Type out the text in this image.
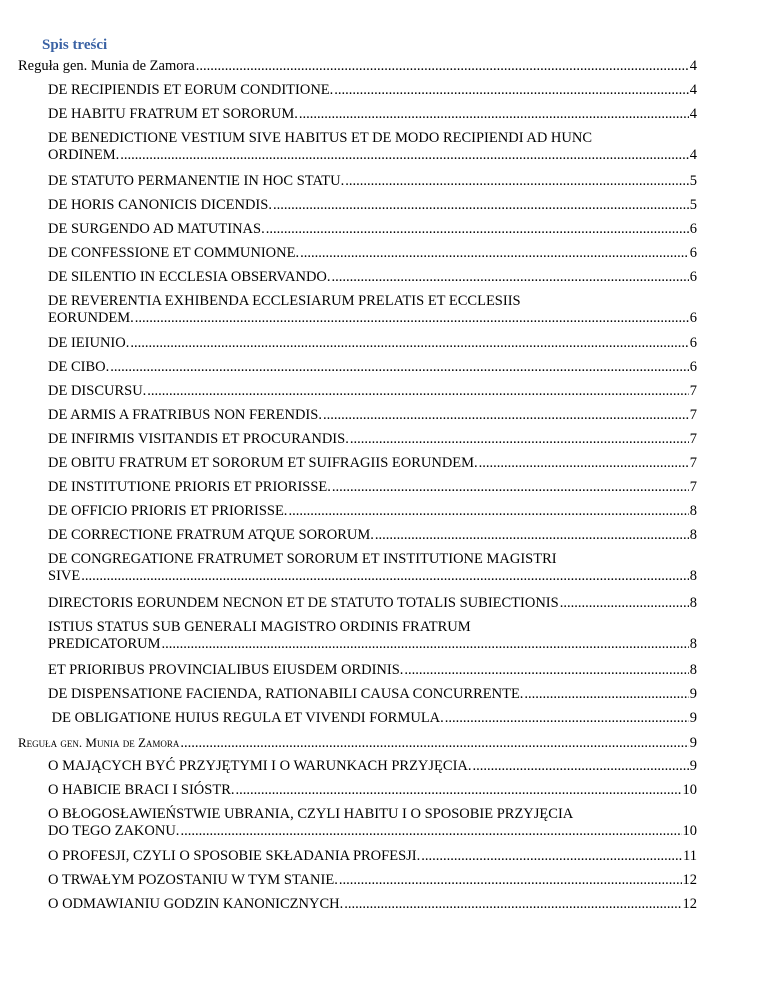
Spis treści
Reguła gen. Munia de Zamora .....	4
DE RECIPIENDIS ET EORUM CONDITIONE. .....	4
DE HABITU FRATRUM ET SORORUM. .....	4
DE BENEDICTIONE VESTIUM SIVE HABITUS ET DE MODO RECIPIENDI AD HUNC
ORDINEM. .....	4
DE STATUTO PERMANENTIE IN HOC STATU. .....	5
DE HORIS CANONICIS DICENDIS. .....	5
DE SURGENDO AD MATUTINAS. .....	6
DE CONFESSIONE ET COMMUNIONE. .....	6
DE SILENTIO IN ECCLESIA OBSERVANDO. .....	6
DE REVERENTIA EXHIBENDA ECCLESIARUM PRELATIS ET ECCLESIIS
EORUNDEM. .....	6
DE IEIUNIO. .....	6
DE CIBO. .....	6
DE DISCURSU. .....	7
DE ARMIS A FRATRIBUS NON FERENDIS. .....	7
DE INFIRMIS VISITANDIS ET PROCURANDIS. .....	7
DE OBITU FRATRUM ET SORORUM ET SUIFRAGIIS EORUNDEM. .....	7
DE INSTITUTIONE PRIORIS ET PRIORISSE. .....	7
DE OFFICIO PRIORIS ET PRIORISSE. .....	8
DE CORRECTIONE FRATRUM ATQUE SORORUM. .....	8
DE CONGREGATIONE FRATRUMET SORORUM ET INSTITUTIONE MAGISTRI
SIVE .....	8
DIRECTORIS EORUNDEM NECNON ET DE STATUTO TOTALIS SUBIECTIONIS .....	8
ISTIUS STATUS SUB GENERALI MAGISTRO ORDINIS FRATRUM
PREDICATORUM .....	8
ET PRIORIBUS PROVINCIALIBUS EIUSDEM ORDINIS. .....	8
DE DISPENSATIONE FACIENDA, RATIONABILI CAUSA CONCURRENTE. .....	9
DE OBLIGATIONE HUIUS REGULA ET VIVENDI FORMULA. .....	9
Reguła gen. Munia de Zamora .....	9
O MAJĄCYCH BYĆ PRZYJĘTYMI I O WARUNKACH PRZYJĘCIA. .....	9
O HABICIE BRACI I SIÓSTR. .....	10
O BŁOGOSŁAWIEŃSTWIE UBRANIA, CZYLI HABITU I O SPOSOBIE PRZYJĘCIA
DO TEGO ZAKONU. .....	10
O PROFESJI, CZYLI O SPOSOBIE SKŁADANIA PROFESJI. .....	11
O TRWAŁYM POZOSTANIU W TYM STANIE. .....	12
O ODMAWIANIU GODZIN KANONICZNYCH. .....	12
